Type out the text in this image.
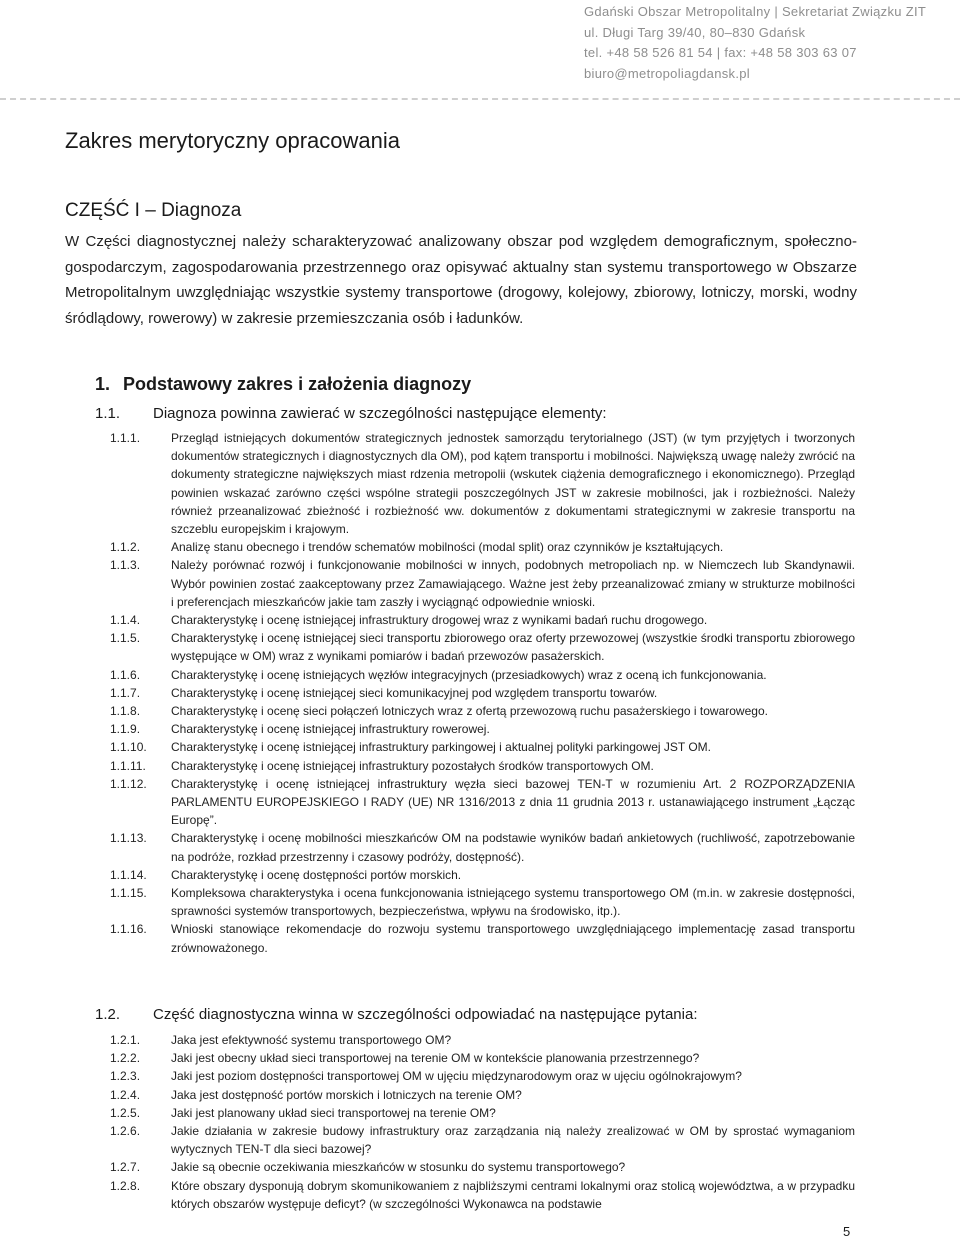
Gdański Obszar Metropolitalny | Sekretariat Związku ZIT
ul. Długi Targ 39/40, 80–830 Gdańsk
tel. +48 58 526 81 54 | fax: +48 58 303 63 07
biuro@metropoliagdansk.pl
Zakres merytoryczny opracowania
CZĘŚĆ I – Diagnoza

W Części diagnostycznej należy scharakteryzować analizowany obszar pod względem demograficznym, społeczno-gospodarczym, zagospodarowania przestrzennego oraz opisywać aktualny stan systemu transportowego w Obszarze Metropolitalnym uwzględniając wszystkie systemy transportowe (drogowy, kolejowy, zbiorowy, lotniczy, morski, wodny śródlądowy, rowerowy) w zakresie przemieszczania osób i ładunków.

1. Podstawowy zakres i założenia diagnozy
1.1. Diagnoza powinna zawierać w szczególności następujące elementy:
1.1.1.	Przegląd istniejących dokumentów strategicznych jednostek samorządu terytorialnego (JST) (w tym przyjętych i tworzonych dokumentów strategicznych i diagnostycznych dla OM), pod kątem transportu i mobilności. Największą uwagę należy zwrócić na dokumenty strategiczne największych miast rdzenia metropolii (wskutek ciążenia demograficznego i ekonomicznego). Przegląd powinien wskazać zarówno części wspólne strategii poszczególnych JST w zakresie mobilności, jak i rozbieżności. Należy również przeanalizować zbieżność i rozbieżność ww. dokumentów z dokumentami strategicznymi w zakresie transportu na szczeblu europejskim i krajowym.
1.1.2.	Analizę stanu obecnego i trendów schematów mobilności (modal split) oraz czynników je kształtujących.
1.1.3.	Należy porównać rozwój i funkcjonowanie mobilności w innych, podobnych metropoliach np. w Niemczech lub Skandynawii. Wybór powinien zostać zaakceptowany przez Zamawiającego. Ważne jest żeby przeanalizować zmiany w strukturze mobilności i preferencjach mieszkańców jakie tam zaszły i wyciągnąć odpowiednie wnioski.
1.1.4.	Charakterystykę i ocenę istniejącej infrastruktury drogowej wraz z wynikami badań ruchu drogowego.
1.1.5.	Charakterystykę i ocenę istniejącej sieci transportu zbiorowego oraz oferty przewozowej (wszystkie środki transportu zbiorowego występujące w OM) wraz z wynikami pomiarów i badań przewozów pasażerskich.
1.1.6.	Charakterystykę i ocenę istniejących węzłów integracyjnych (przesiadkowych) wraz z oceną ich funkcjonowania.
1.1.7.	Charakterystykę i ocenę istniejącej sieci komunikacyjnej pod względem transportu towarów.
1.1.8.	Charakterystykę i ocenę sieci połączeń lotniczych wraz z ofertą przewozową ruchu pasażerskiego i towarowego.
1.1.9.	Charakterystykę i ocenę istniejącej infrastruktury rowerowej.
1.1.10.	Charakterystykę i ocenę istniejącej infrastruktury parkingowej i aktualnej polityki parkingowej JST OM.
1.1.11.	Charakterystykę i ocenę istniejącej infrastruktury pozostałych środków transportowych OM.
1.1.12.	Charakterystykę i ocenę istniejącej infrastruktury węzła sieci bazowej TEN-T w rozumieniu Art. 2 ROZPORZĄDZENIA PARLAMENTU EUROPEJSKIEGO I RADY (UE) NR 1316/2013 z dnia 11 grudnia 2013 r. ustanawiającego instrument „Łącząc Europę”.
1.1.13.	Charakterystykę i ocenę mobilności mieszkańców OM na podstawie wyników badań ankietowych (ruchliwość, zapotrzebowanie na podróże, rozkład przestrzenny i czasowy podróży, dostępność).
1.1.14.	Charakterystykę i ocenę dostępności portów morskich.
1.1.15.	Kompleksowa charakterystyka i ocena funkcjonowania istniejącego systemu transportowego OM (m.in. w zakresie dostępności, sprawności systemów transportowych, bezpieczeństwa, wpływu na środowisko, itp.).
1.1.16.	Wnioski stanowiące rekomendacje do rozwoju systemu transportowego uwzględniającego implementację zasad transportu zrównoważonego.
1.2. Część diagnostyczna winna w szczególności odpowiadać na następujące pytania:
1.2.1.	Jaka jest efektywność systemu transportowego OM?
1.2.2.	Jaki jest obecny układ sieci transportowej na terenie OM w kontekście planowania przestrzennego?
1.2.3.	Jaki jest poziom dostępności transportowej OM w ujęciu międzynarodowym oraz w ujęciu ogólnokrajowym?
1.2.4.	Jaka jest dostępność portów morskich i lotniczych na terenie OM?
1.2.5.	Jaki jest planowany układ sieci transportowej na terenie OM?
1.2.6.	Jakie działania w zakresie budowy infrastruktury oraz zarządzania nią należy zrealizować w OM by sprostać wymaganiom wytycznych TEN-T dla sieci bazowej?
1.2.7.	Jakie są obecnie oczekiwania mieszkańców w stosunku do systemu transportowego?
1.2.8.	Które obszary dysponują dobrym skomunikowaniem z najbliższymi centrami lokalnymi oraz stolicą województwa, a w przypadku których obszarów występuje deficyt? (w szczególności Wykonawca na podstawie
5
